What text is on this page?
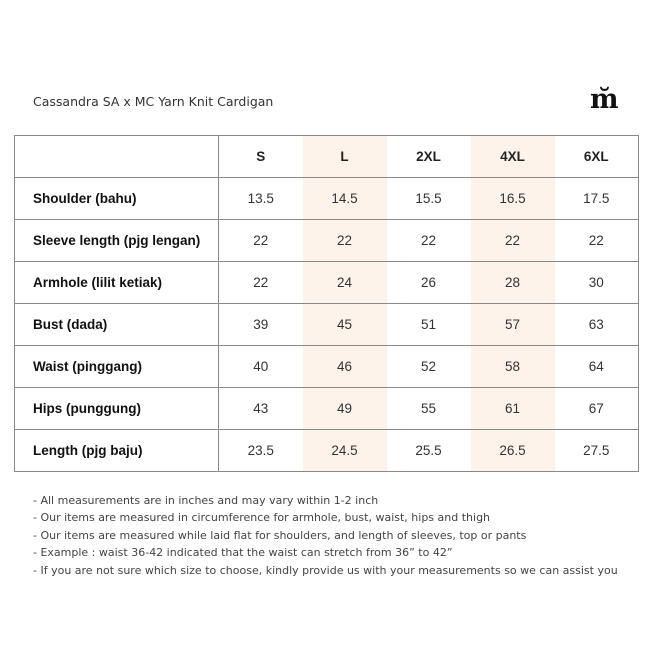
Cassandra SA x MC Yarn Knit Cardigan	m̆
	S	L	2XL	4XL	6XL
Shoulder (bahu)	13.5	14.5	15.5	16.5	17.5
Sleeve length (pjg lengan)	22	22	22	22	22
Armhole (lilit ketiak)	22	24	26	28	30
Bust (dada)	39	45	51	57	63
Waist (pinggang)	40	46	52	58	64
Hips (punggung)	43	49	55	61	67
Length (pjg baju)	23.5	24.5	25.5	26.5	27.5
- All measurements are in inches and may vary within 1-2 inch
- Our items are measured in circumference for armhole, bust, waist, hips and thigh
- Our items are measured while laid flat for shoulders, and length of sleeves, top or pants
- Example : waist 36-42 indicated that the waist can stretch from 36” to 42”
- If you are not sure which size to choose, kindly provide us with your measurements so we can assist you
